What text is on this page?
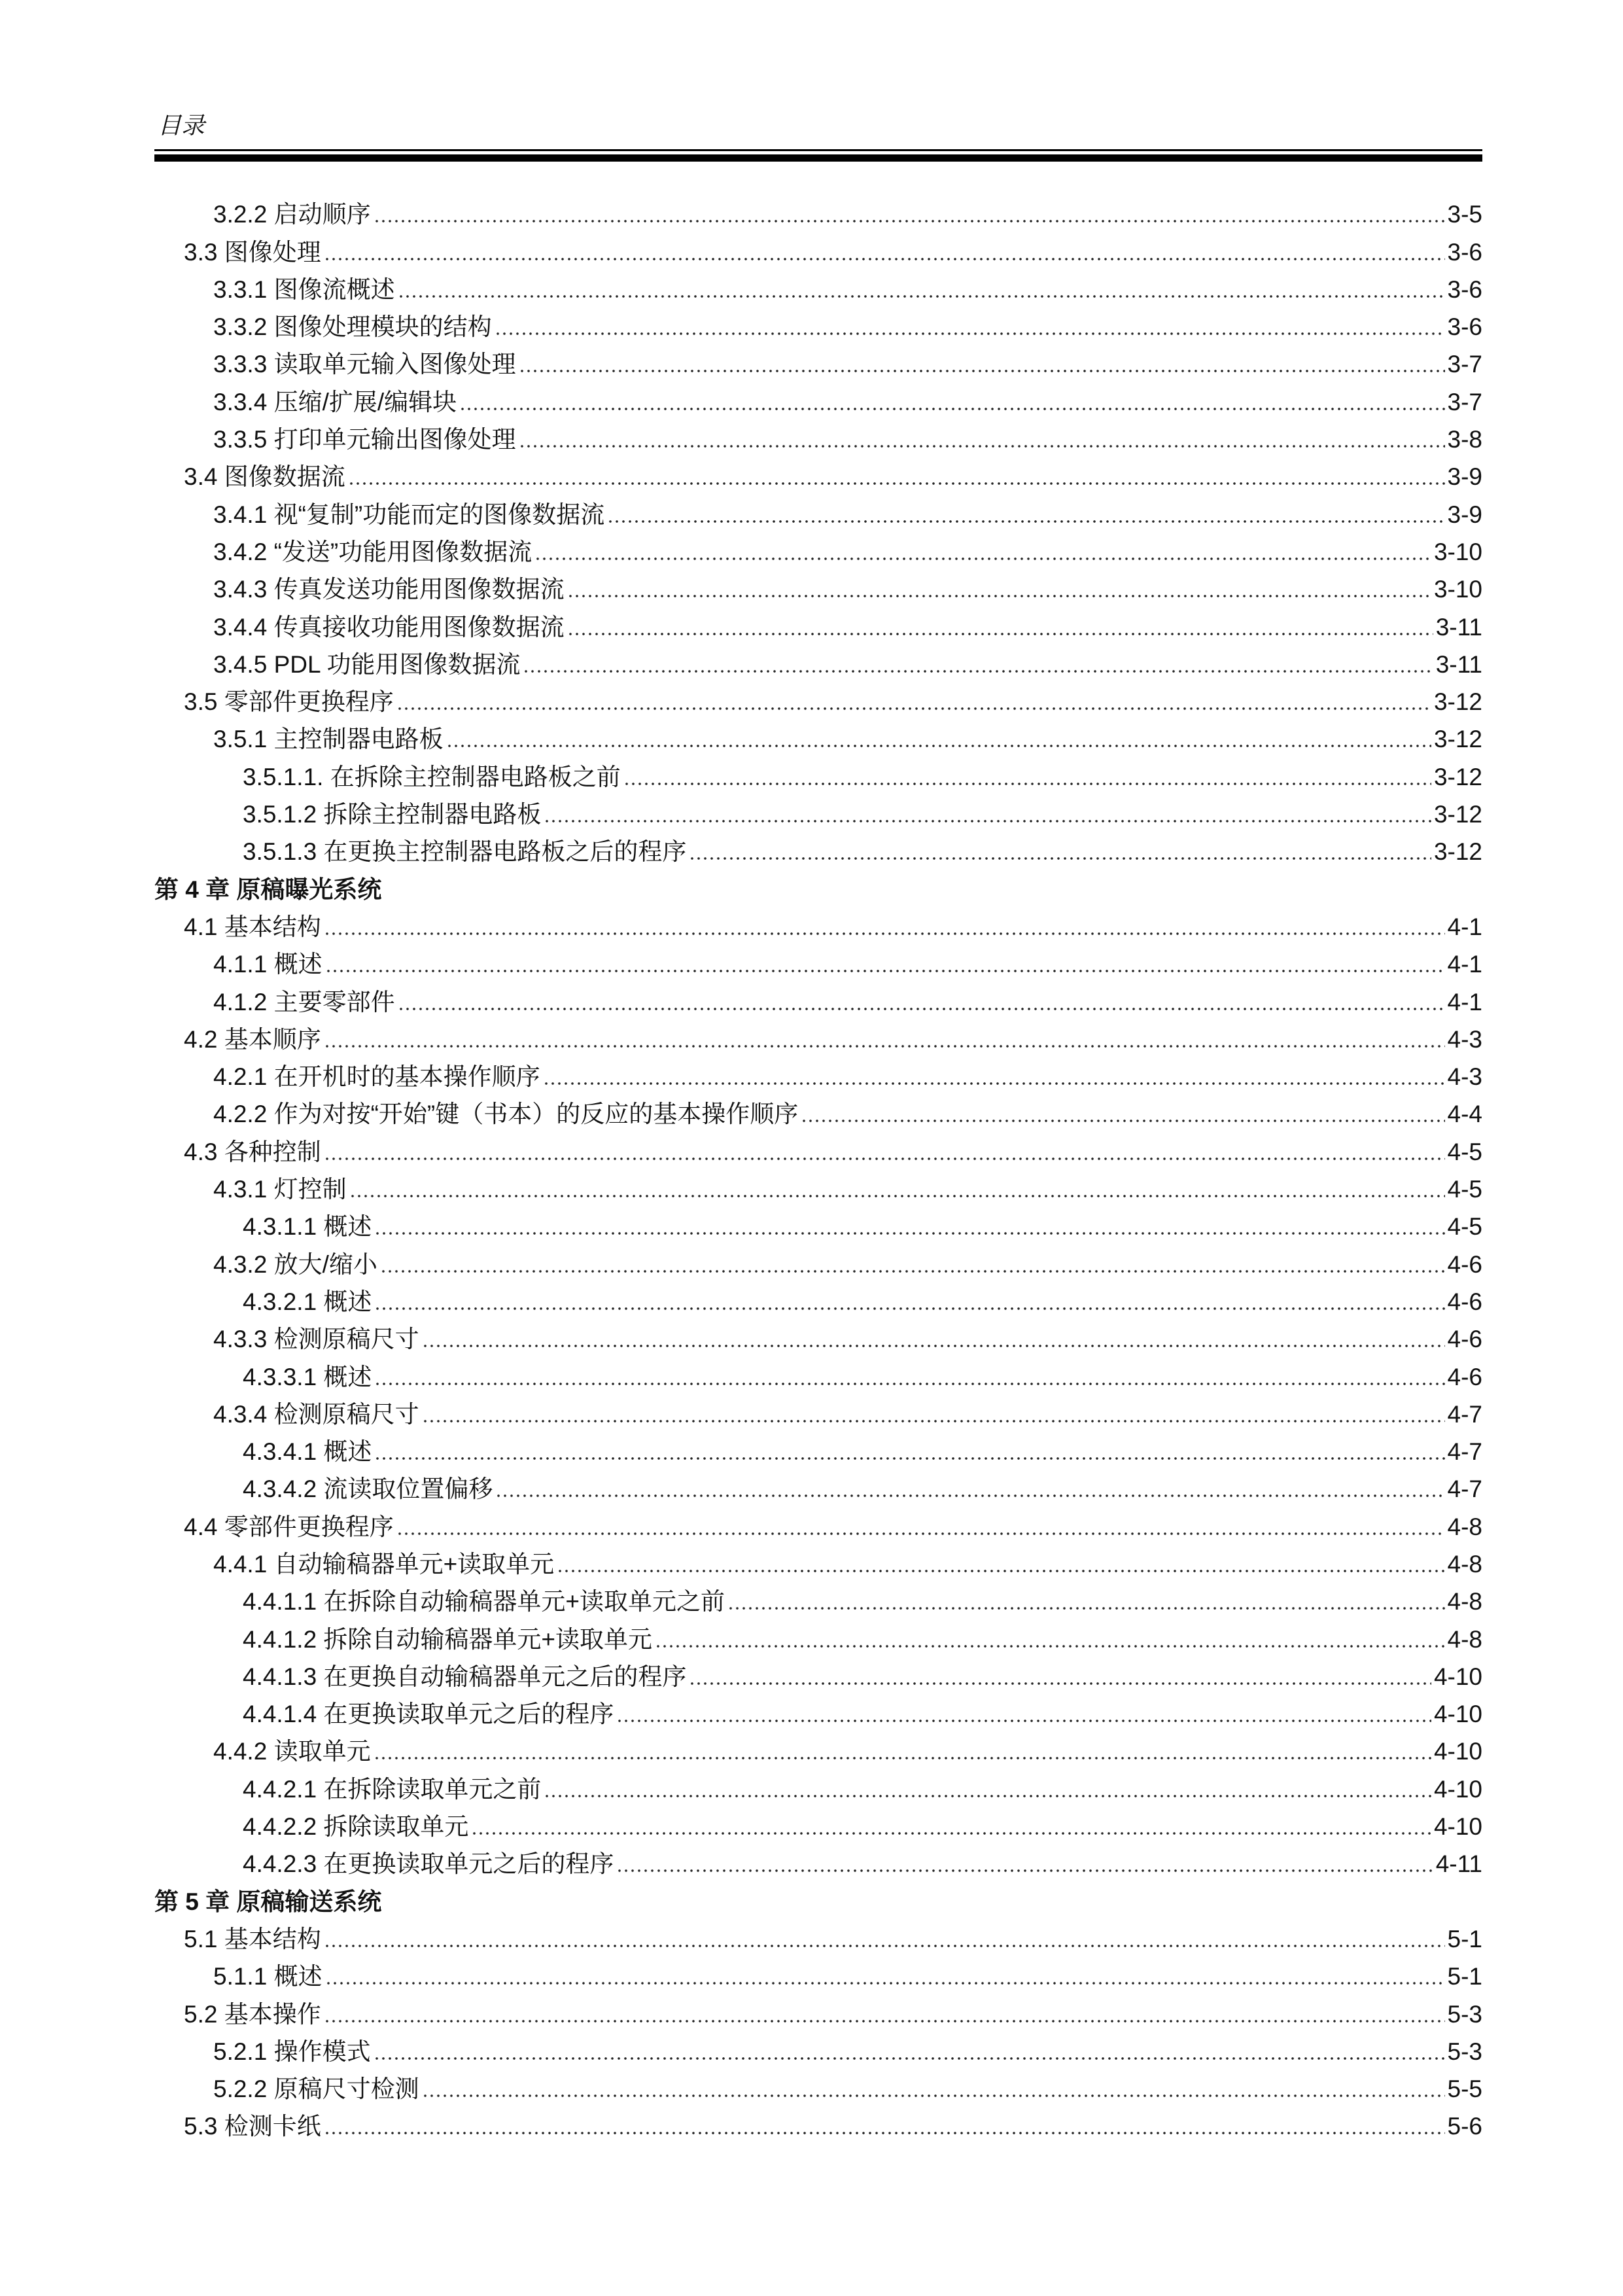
目录
3.2.2 启动顺序	3-5
3.3 图像处理	3-6
3.3.1 图像流概述	3-6
3.3.2 图像处理模块的结构	3-6
3.3.3 读取单元输入图像处理	3-7
3.3.4 压缩/扩展/编辑块	3-7
3.3.5 打印单元输出图像处理	3-8
3.4 图像数据流	3-9
3.4.1 视“复制”功能而定的图像数据流	3-9
3.4.2 “发送”功能用图像数据流	3-10
3.4.3 传真发送功能用图像数据流	3-10
3.4.4 传真接收功能用图像数据流	3-11
3.4.5 PDL 功能用图像数据流	3-11
3.5 零部件更换程序	3-12
3.5.1 主控制器电路板	3-12
3.5.1.1. 在拆除主控制器电路板之前	3-12
3.5.1.2 拆除主控制器电路板	3-12
3.5.1.3 在更换主控制器电路板之后的程序	3-12
第 4 章 原稿曝光系统
4.1 基本结构	4-1
4.1.1 概述	4-1
4.1.2 主要零部件	4-1
4.2 基本顺序	4-3
4.2.1 在开机时的基本操作顺序	4-3
4.2.2 作为对按“开始”键（书本）的反应的基本操作顺序	4-4
4.3 各种控制	4-5
4.3.1 灯控制	4-5
4.3.1.1 概述	4-5
4.3.2 放大/缩小	4-6
4.3.2.1 概述	4-6
4.3.3 检测原稿尺寸	4-6
4.3.3.1 概述	4-6
4.3.4 检测原稿尺寸	4-7
4.3.4.1 概述	4-7
4.3.4.2 流读取位置偏移	4-7
4.4 零部件更换程序	4-8
4.4.1 自动输稿器单元+读取单元	4-8
4.4.1.1 在拆除自动输稿器单元+读取单元之前	4-8
4.4.1.2 拆除自动输稿器单元+读取单元	4-8
4.4.1.3 在更换自动输稿器单元之后的程序	4-10
4.4.1.4 在更换读取单元之后的程序	4-10
4.4.2 读取单元	4-10
4.4.2.1 在拆除读取单元之前	4-10
4.4.2.2 拆除读取单元	4-10
4.4.2.3 在更换读取单元之后的程序	4-11
第 5 章 原稿输送系统
5.1 基本结构	5-1
5.1.1 概述	5-1
5.2 基本操作	5-3
5.2.1 操作模式	5-3
5.2.2 原稿尺寸检测	5-5
5.3 检测卡纸	5-6
